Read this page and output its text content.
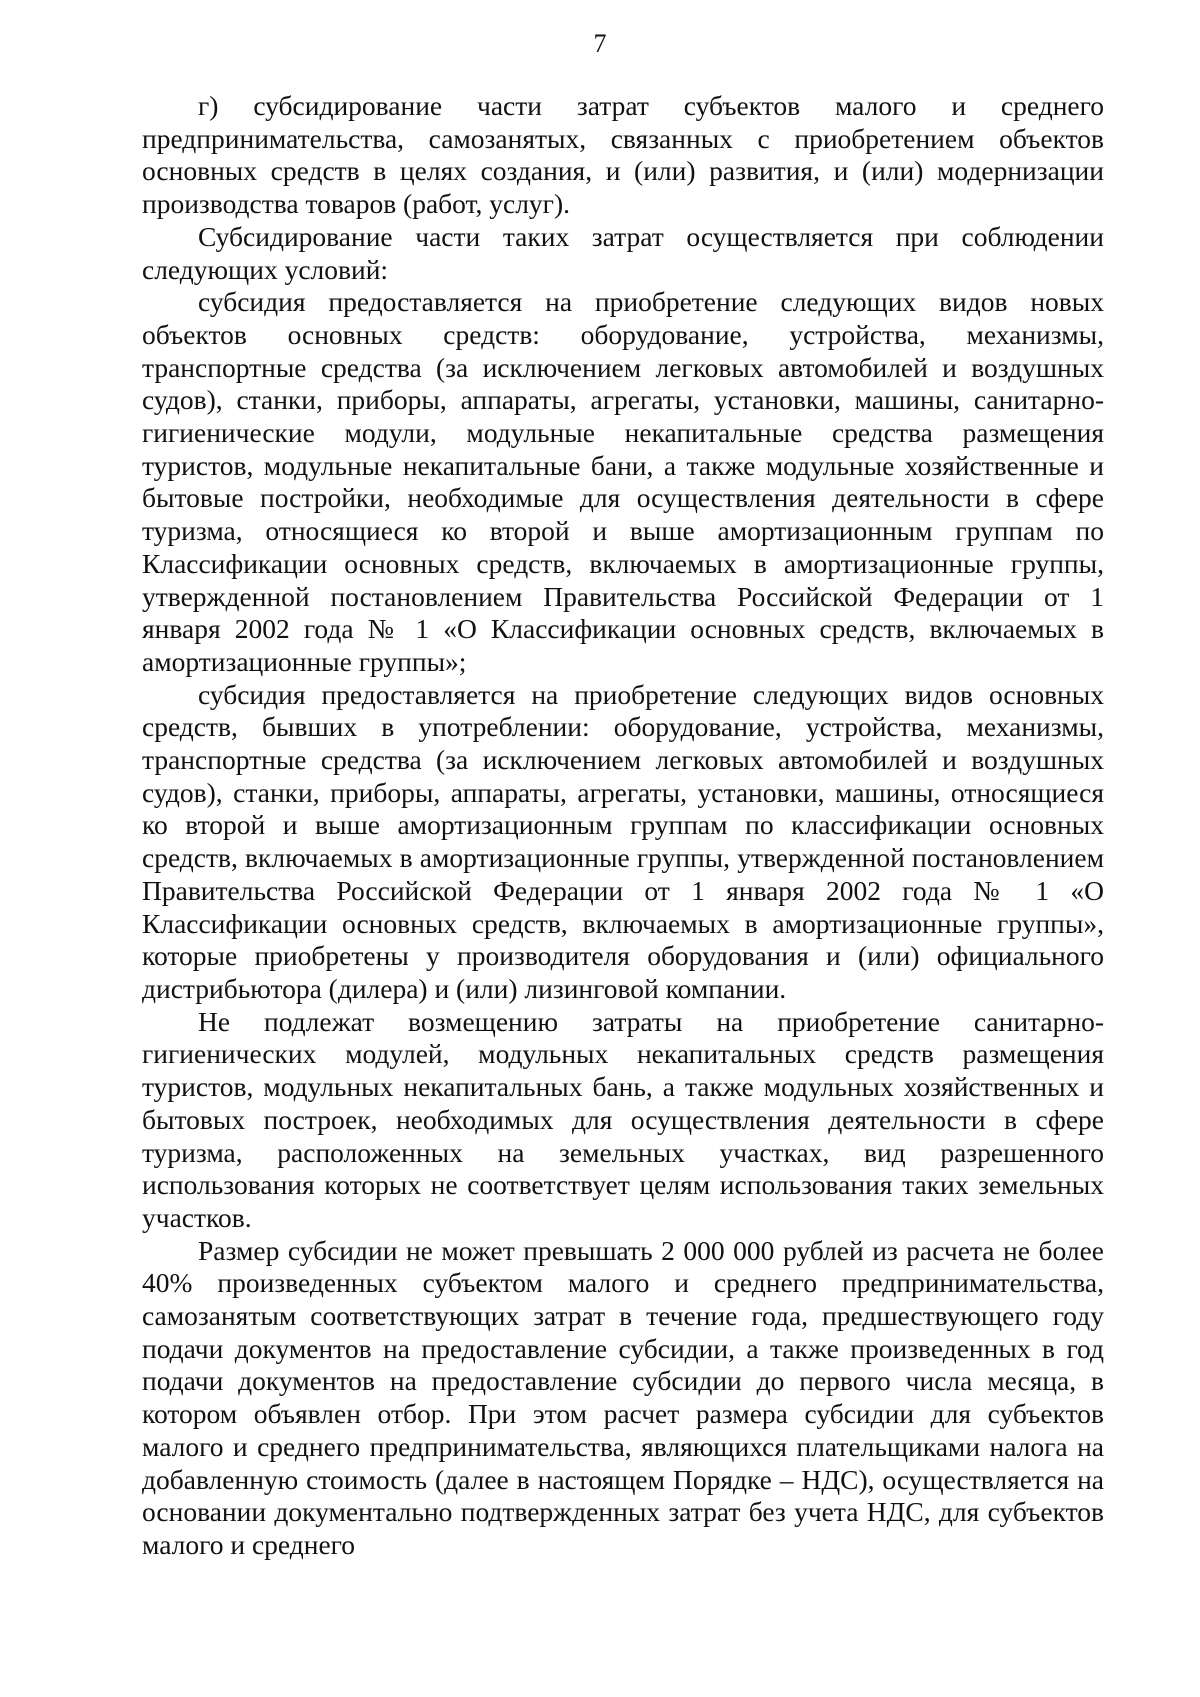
7

г) субсидирование части затрат субъектов малого и среднего предпринимательства, самозанятых, связанных с приобретением объектов основных средств в целях создания, и (или) развития, и (или) модернизации производства товаров (работ, услуг).

Субсидирование части таких затрат осуществляется при соблюдении следующих условий:

субсидия предоставляется на приобретение следующих видов новых объектов основных средств: оборудование, устройства, механизмы, транспортные средства (за исключением легковых автомобилей и воздушных судов), станки, приборы, аппараты, агрегаты, установки, машины, санитарно-гигиенические модули, модульные некапитальные средства размещения туристов, модульные некапитальные бани, а также модульные хозяйственные и бытовые постройки, необходимые для осуществления деятельности в сфере туризма, относящиеся ко второй и выше амортизационным группам по Классификации основных средств, включаемых в амортизационные группы, утвержденной постановлением Правительства Российской Федерации от 1 января 2002 года № 1 «О Классификации основных средств, включаемых в амортизационные группы»;

субсидия предоставляется на приобретение следующих видов основных средств, бывших в употреблении: оборудование, устройства, механизмы, транспортные средства (за исключением легковых автомобилей и воздушных судов), станки, приборы, аппараты, агрегаты, установки, машины, относящиеся ко второй и выше амортизационным группам по классификации основных средств, включаемых в амортизационные группы, утвержденной постановлением Правительства Российской Федерации от 1 января 2002 года № 1 «О Классификации основных средств, включаемых в амортизационные группы», которые приобретены у производителя оборудования и (или) официального дистрибьютора (дилера) и (или) лизинговой компании.

Не подлежат возмещению затраты на приобретение санитарно-гигиенических модулей, модульных некапитальных средств размещения туристов, модульных некапитальных бань, а также модульных хозяйственных и бытовых построек, необходимых для осуществления деятельности в сфере туризма, расположенных на земельных участках, вид разрешенного использования которых не соответствует целям использования таких земельных участков.

Размер субсидии не может превышать 2 000 000 рублей из расчета не более 40% произведенных субъектом малого и среднего предпринимательства, самозанятым соответствующих затрат в течение года, предшествующего году подачи документов на предоставление субсидии, а также произведенных в год подачи документов на предоставление субсидии до первого числа месяца, в котором объявлен отбор. При этом расчет размера субсидии для субъектов малого и среднего предпринимательства, являющихся плательщиками налога на добавленную стоимость (далее в настоящем Порядке – НДС), осуществляется на основании документально подтвержденных затрат без учета НДС, для субъектов малого и среднего
